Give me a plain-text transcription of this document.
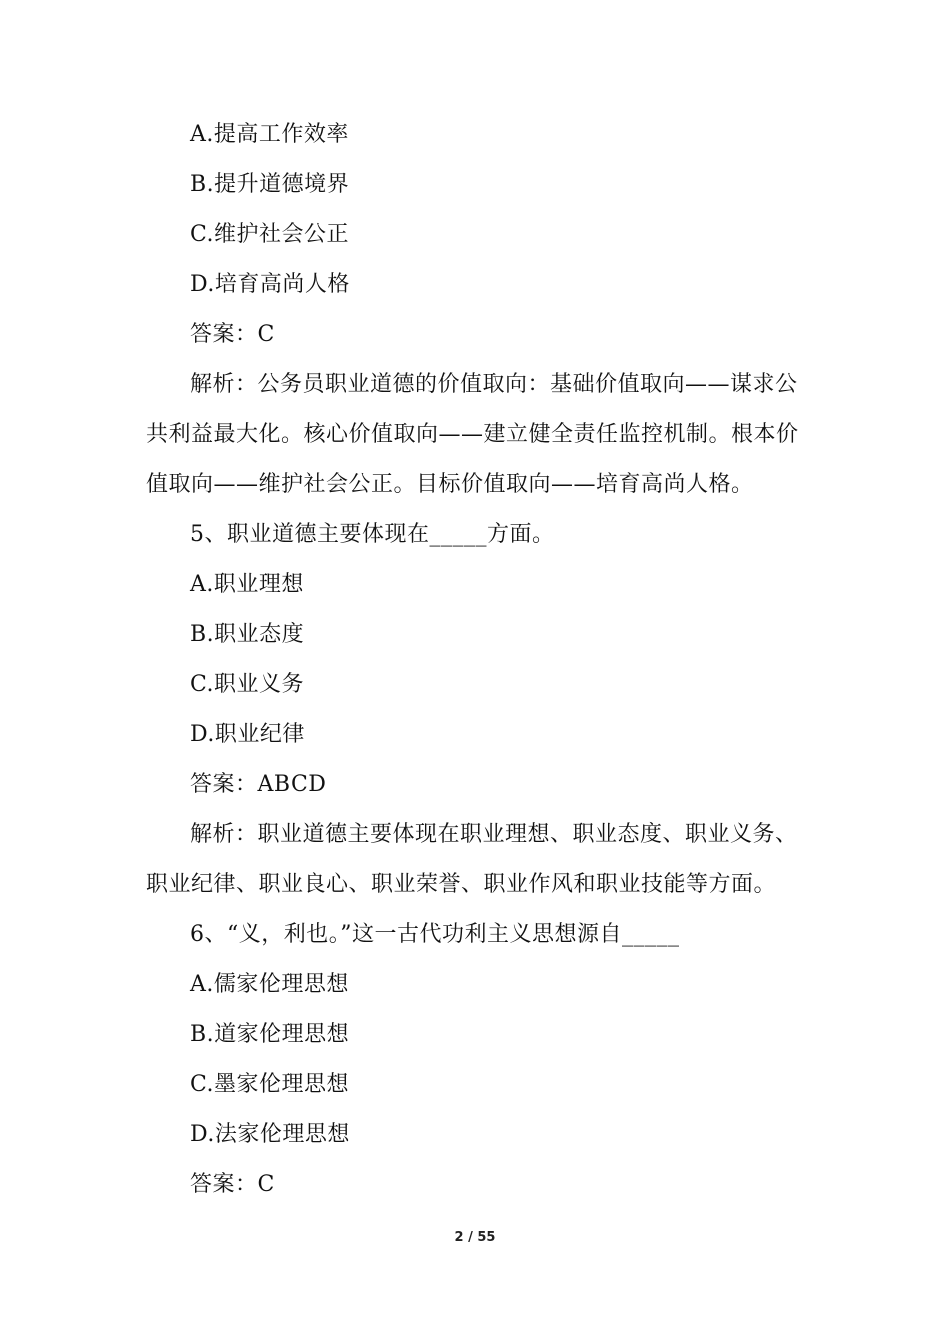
A.提高工作效率
B.提升道德境界
C.维护社会公正
D.培育高尚人格
答案：C
解析：公务员职业道德的价值取向：基础价值取向——谋求公共利益最大化。核心价值取向——建立健全责任监控机制。根本价值取向——维护社会公正。目标价值取向——培育高尚人格。
5、职业道德主要体现在_____方面。
A.职业理想
B.职业态度
C.职业义务
D.职业纪律
答案：ABCD
解析：职业道德主要体现在职业理想、职业态度、职业义务、职业纪律、职业良心、职业荣誉、职业作风和职业技能等方面。
6、“义，利也。”这一古代功利主义思想源自_____
A.儒家伦理思想
B.道家伦理思想
C.墨家伦理思想
D.法家伦理思想
答案：C
2 / 55
